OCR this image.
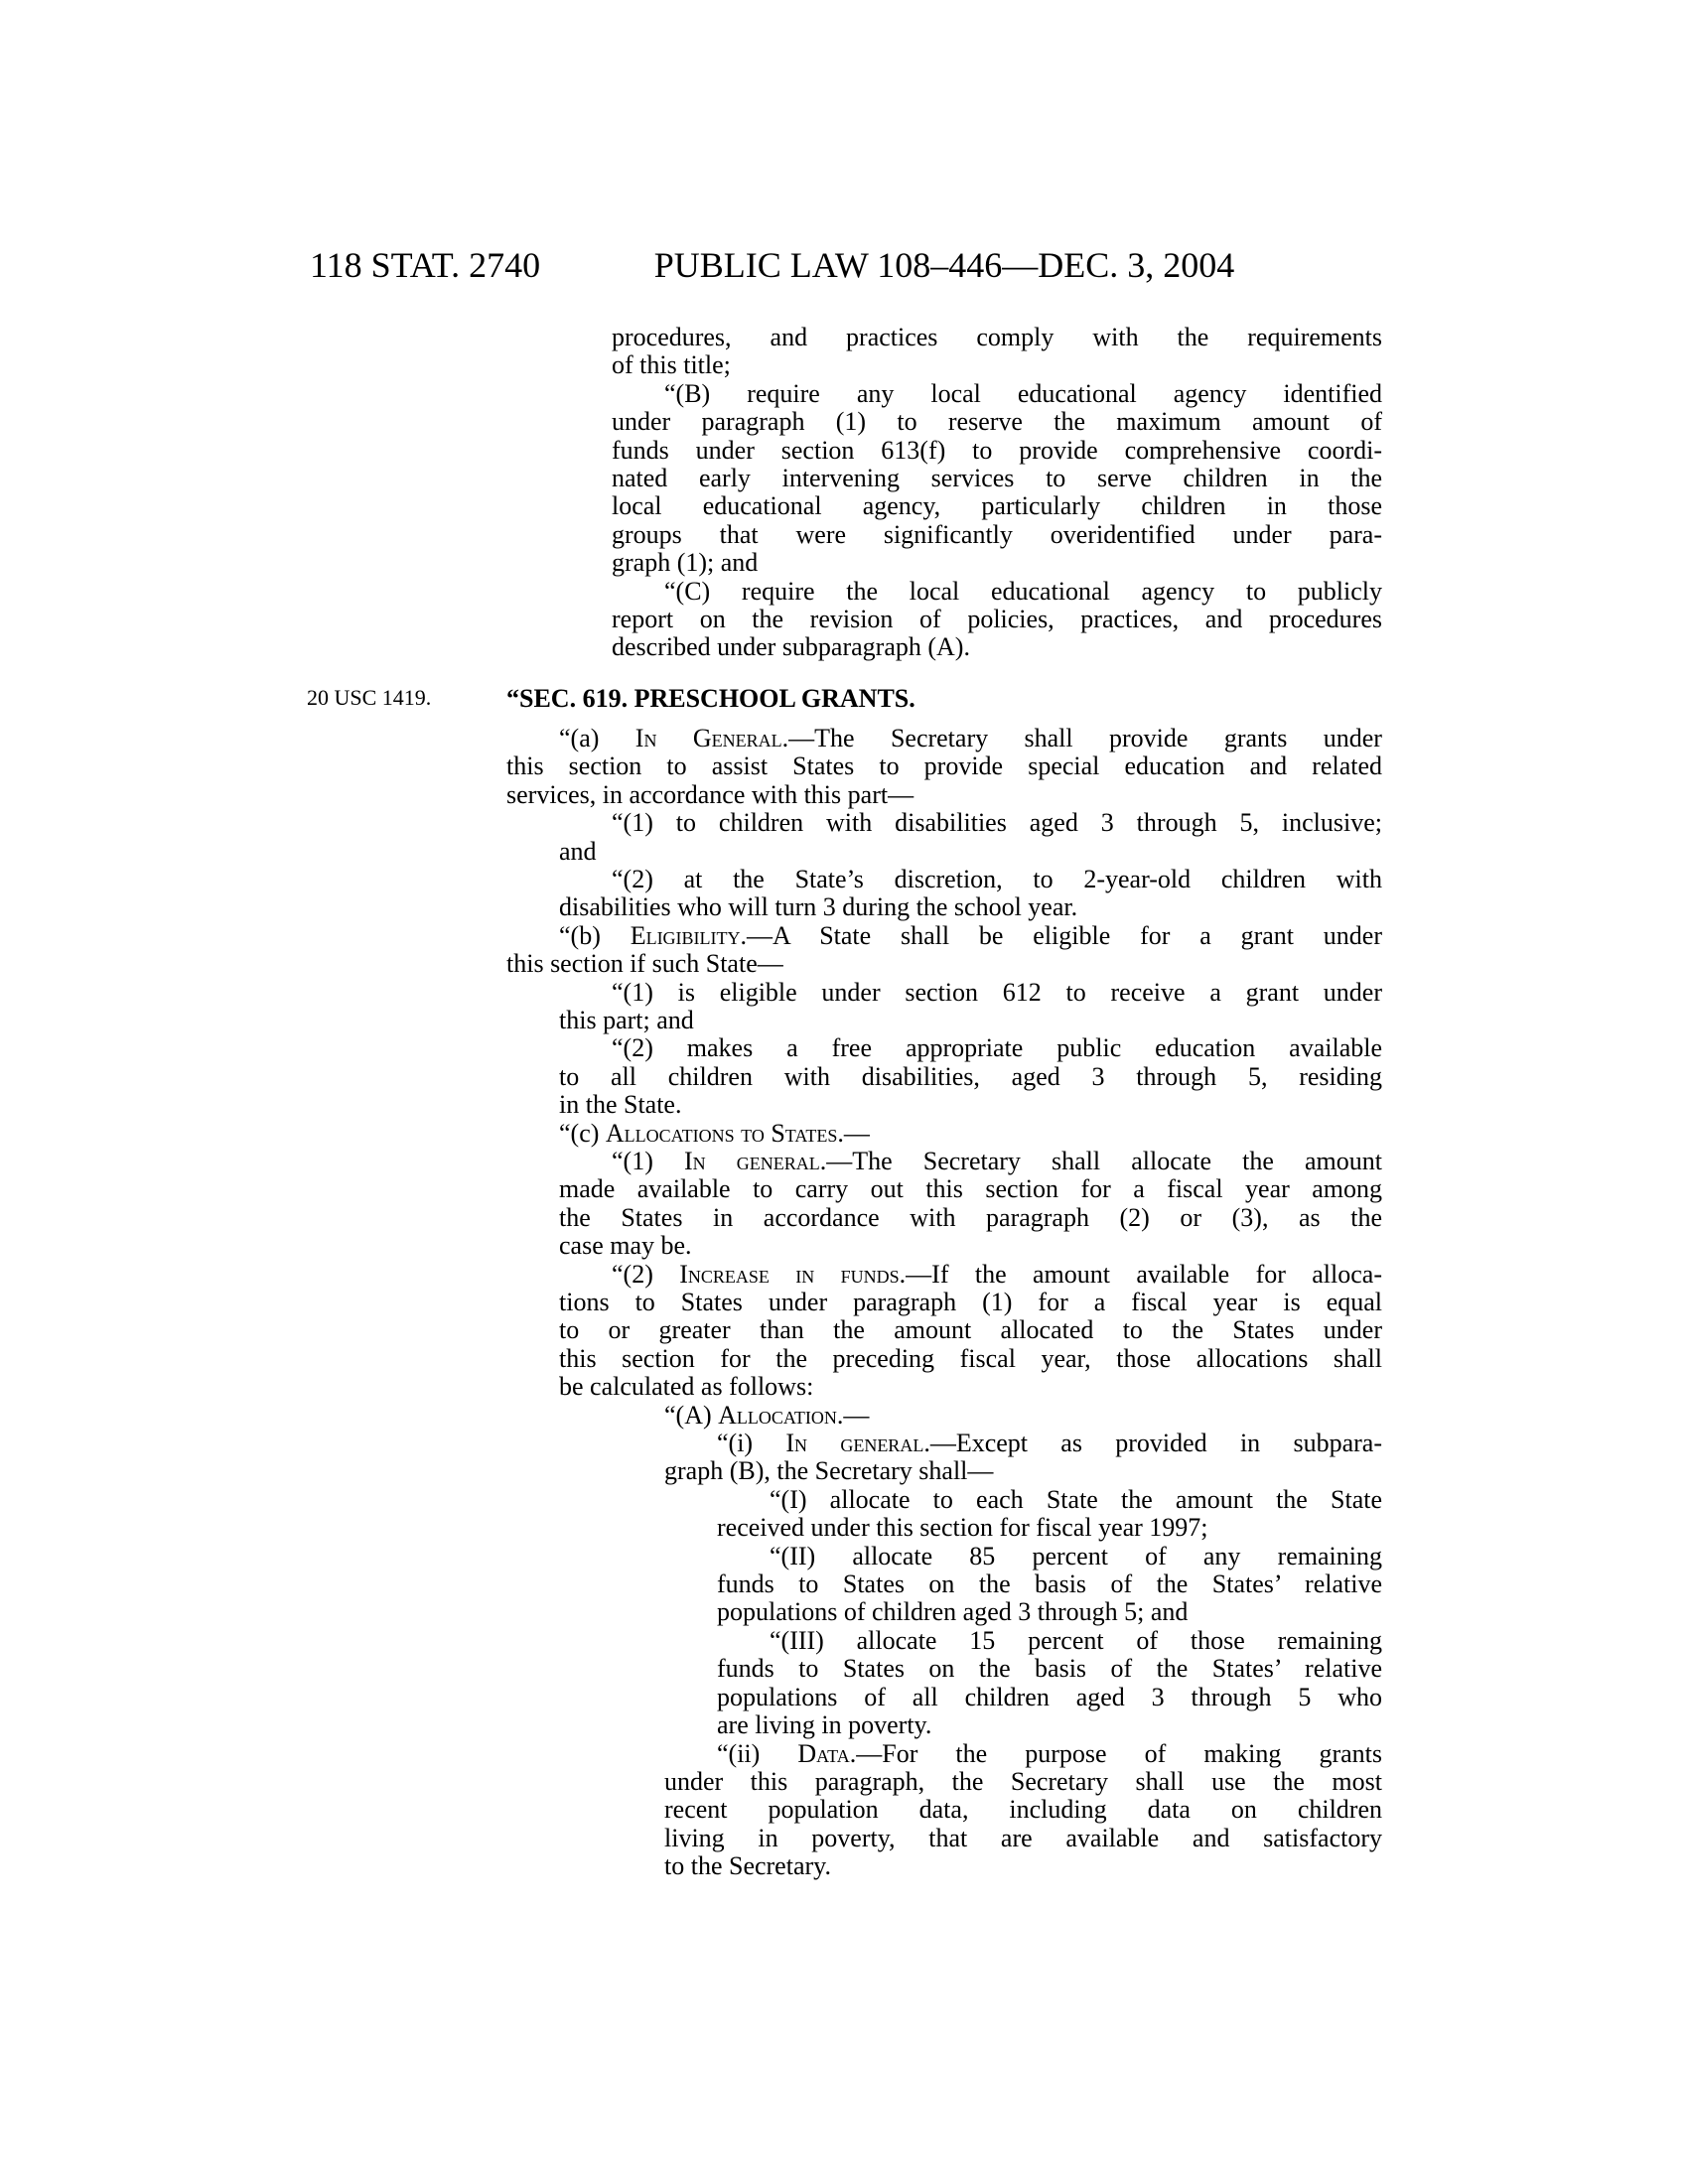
118 STAT. 2740	PUBLIC LAW 108–446—DEC. 3, 2004
20 USC 1419.
procedures, and practices comply with the requirements
of this title;
“(B) require any local educational agency identified
under paragraph (1) to reserve the maximum amount of
funds under section 613(f) to provide comprehensive coordi-
nated early intervening services to serve children in the
local educational agency, particularly children in those
groups that were significantly overidentified under para-
graph (1); and
“(C) require the local educational agency to publicly
report on the revision of policies, practices, and procedures
described under subparagraph (A).
“SEC. 619. PRESCHOOL GRANTS.
“(a) In General.—The Secretary shall provide grants under
this section to assist States to provide special education and related
services, in accordance with this part—
“(1) to children with disabilities aged 3 through 5, inclusive;
and
“(2) at the State’s discretion, to 2-year-old children with
disabilities who will turn 3 during the school year.
“(b) Eligibility.—A State shall be eligible for a grant under
this section if such State—
“(1) is eligible under section 612 to receive a grant under
this part; and
“(2) makes a free appropriate public education available
to all children with disabilities, aged 3 through 5, residing
in the State.
“(c) Allocations to States.—
“(1) In general.—The Secretary shall allocate the amount
made available to carry out this section for a fiscal year among
the States in accordance with paragraph (2) or (3), as the
case may be.
“(2) Increase in funds.—If the amount available for alloca-
tions to States under paragraph (1) for a fiscal year is equal
to or greater than the amount allocated to the States under
this section for the preceding fiscal year, those allocations shall
be calculated as follows:
“(A) Allocation.—
“(i) In general.—Except as provided in subpara-
graph (B), the Secretary shall—
“(I) allocate to each State the amount the State
received under this section for fiscal year 1997;
“(II) allocate 85 percent of any remaining
funds to States on the basis of the States’ relative
populations of children aged 3 through 5; and
“(III) allocate 15 percent of those remaining
funds to States on the basis of the States’ relative
populations of all children aged 3 through 5 who
are living in poverty.
“(ii) Data.—For the purpose of making grants
under this paragraph, the Secretary shall use the most
recent population data, including data on children
living in poverty, that are available and satisfactory
to the Secretary.
